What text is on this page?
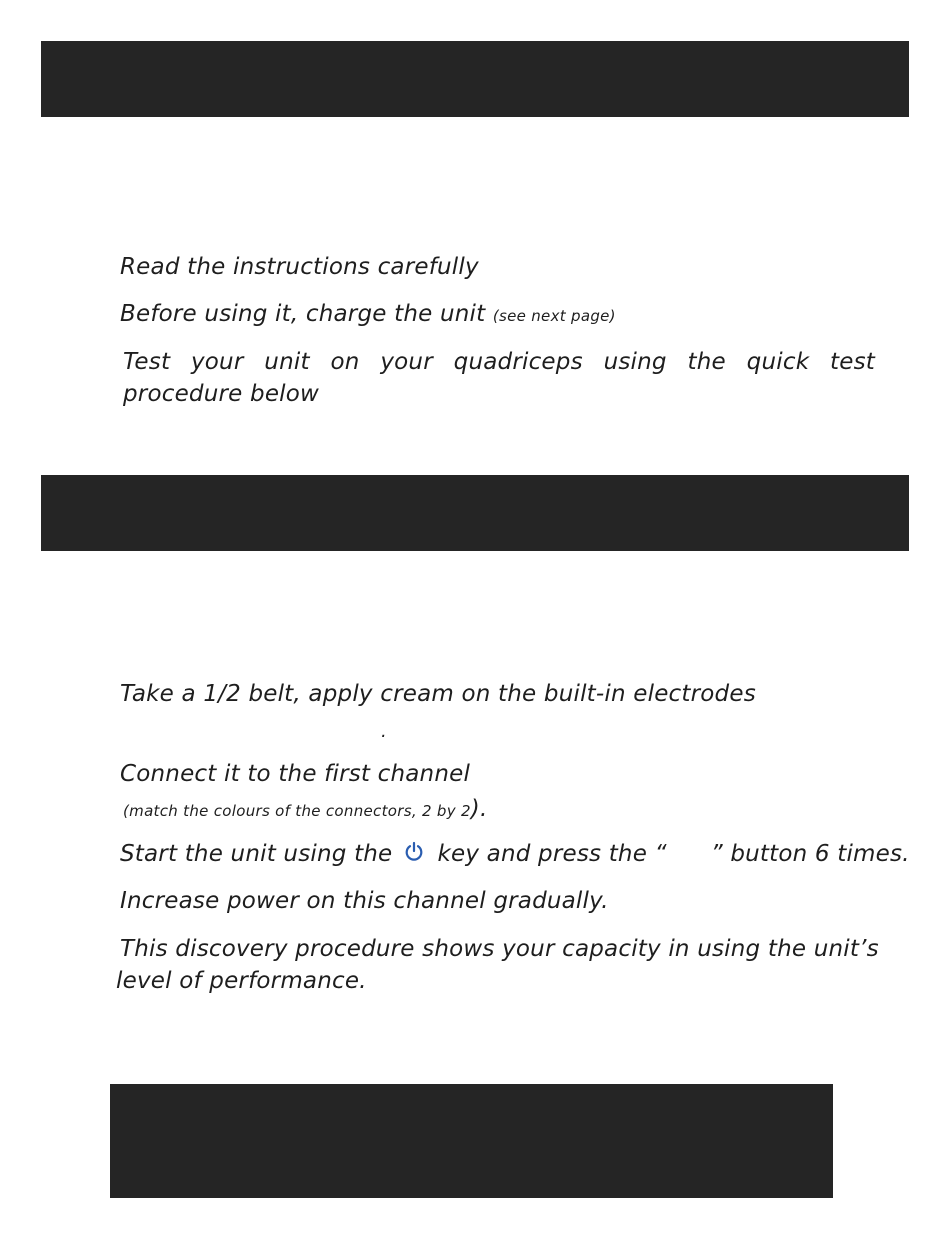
Read the instructions carefully
Before using it, charge the unit (see next page)
Test your unit on your quadriceps using the quick test procedure below
Take a 1/2 belt, apply cream on the built-in electrodes
.
Connect it to the first channel
(match the colours of the connectors, 2 by 2).
Start the unit using the key and press the “ ” button 6 times.
Increase power on this channel gradually.
This discovery procedure shows your capacity in using the unit’s
level of performance.
